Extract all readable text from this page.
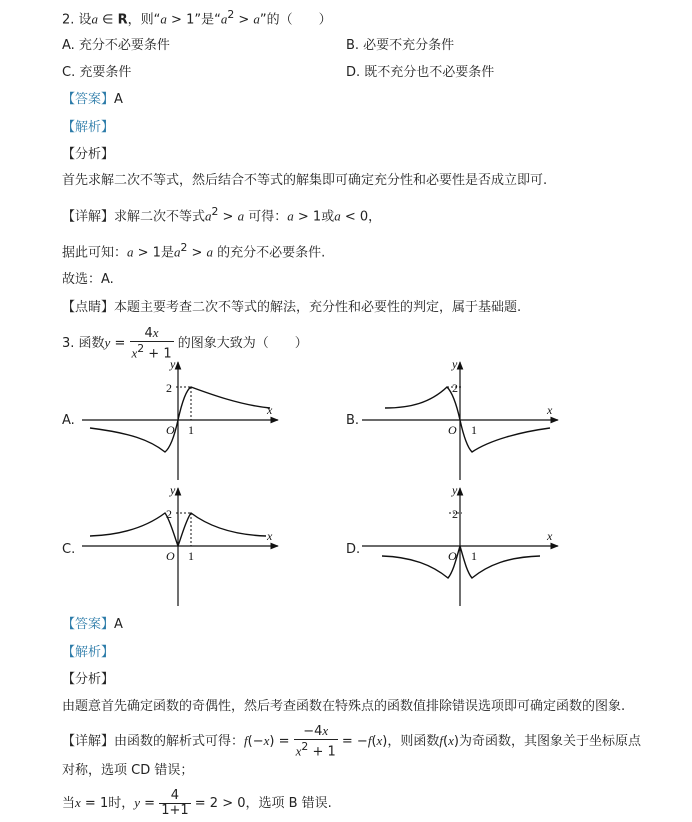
2. 设a ∈ R，则“a > 1”是“$a^2 > a$”的（　　）
A. 充分不必要条件	B. 必要不充分条件
C. 充要条件	D. 既不充分也不必要条件
【答案】A
【解析】
【分析】
首先求解二次不等式，然后结合不等式的解集即可确定充分性和必要性是否成立即可.
【详解】求解二次不等式$a^2 > a$ 可得：a > 1或a < 0，
据此可知：a > 1是$a^2 > a$ 的充分不必要条件.
故选：A.
【点睛】本题主要考查二次不等式的解法，充分性和必要性的判定，属于基础题.
3. 函数$y = \frac{4x}{x^2 + 1}$ 的图象大致为（　　）
A.	B.
C.	D.
y
x
2
1
O
y
x
2
1
O
y
x
2
1
O
y
x
2
1
O
【答案】A
【解析】
【分析】
由题意首先确定函数的奇偶性，然后考查函数在特殊点的函数值排除错误选项即可确定函数的图象.
【详解】由函数的解析式可得：$f(-x) = \frac{-4x}{x^2 + 1} = -f(x)$，则函数f(x)为奇函数，其图象关于坐标原点
对称，选项 CD 错误；
当x = 1时，$y = \frac{4}{1+1} = 2 > 0$，选项 B 错误.
